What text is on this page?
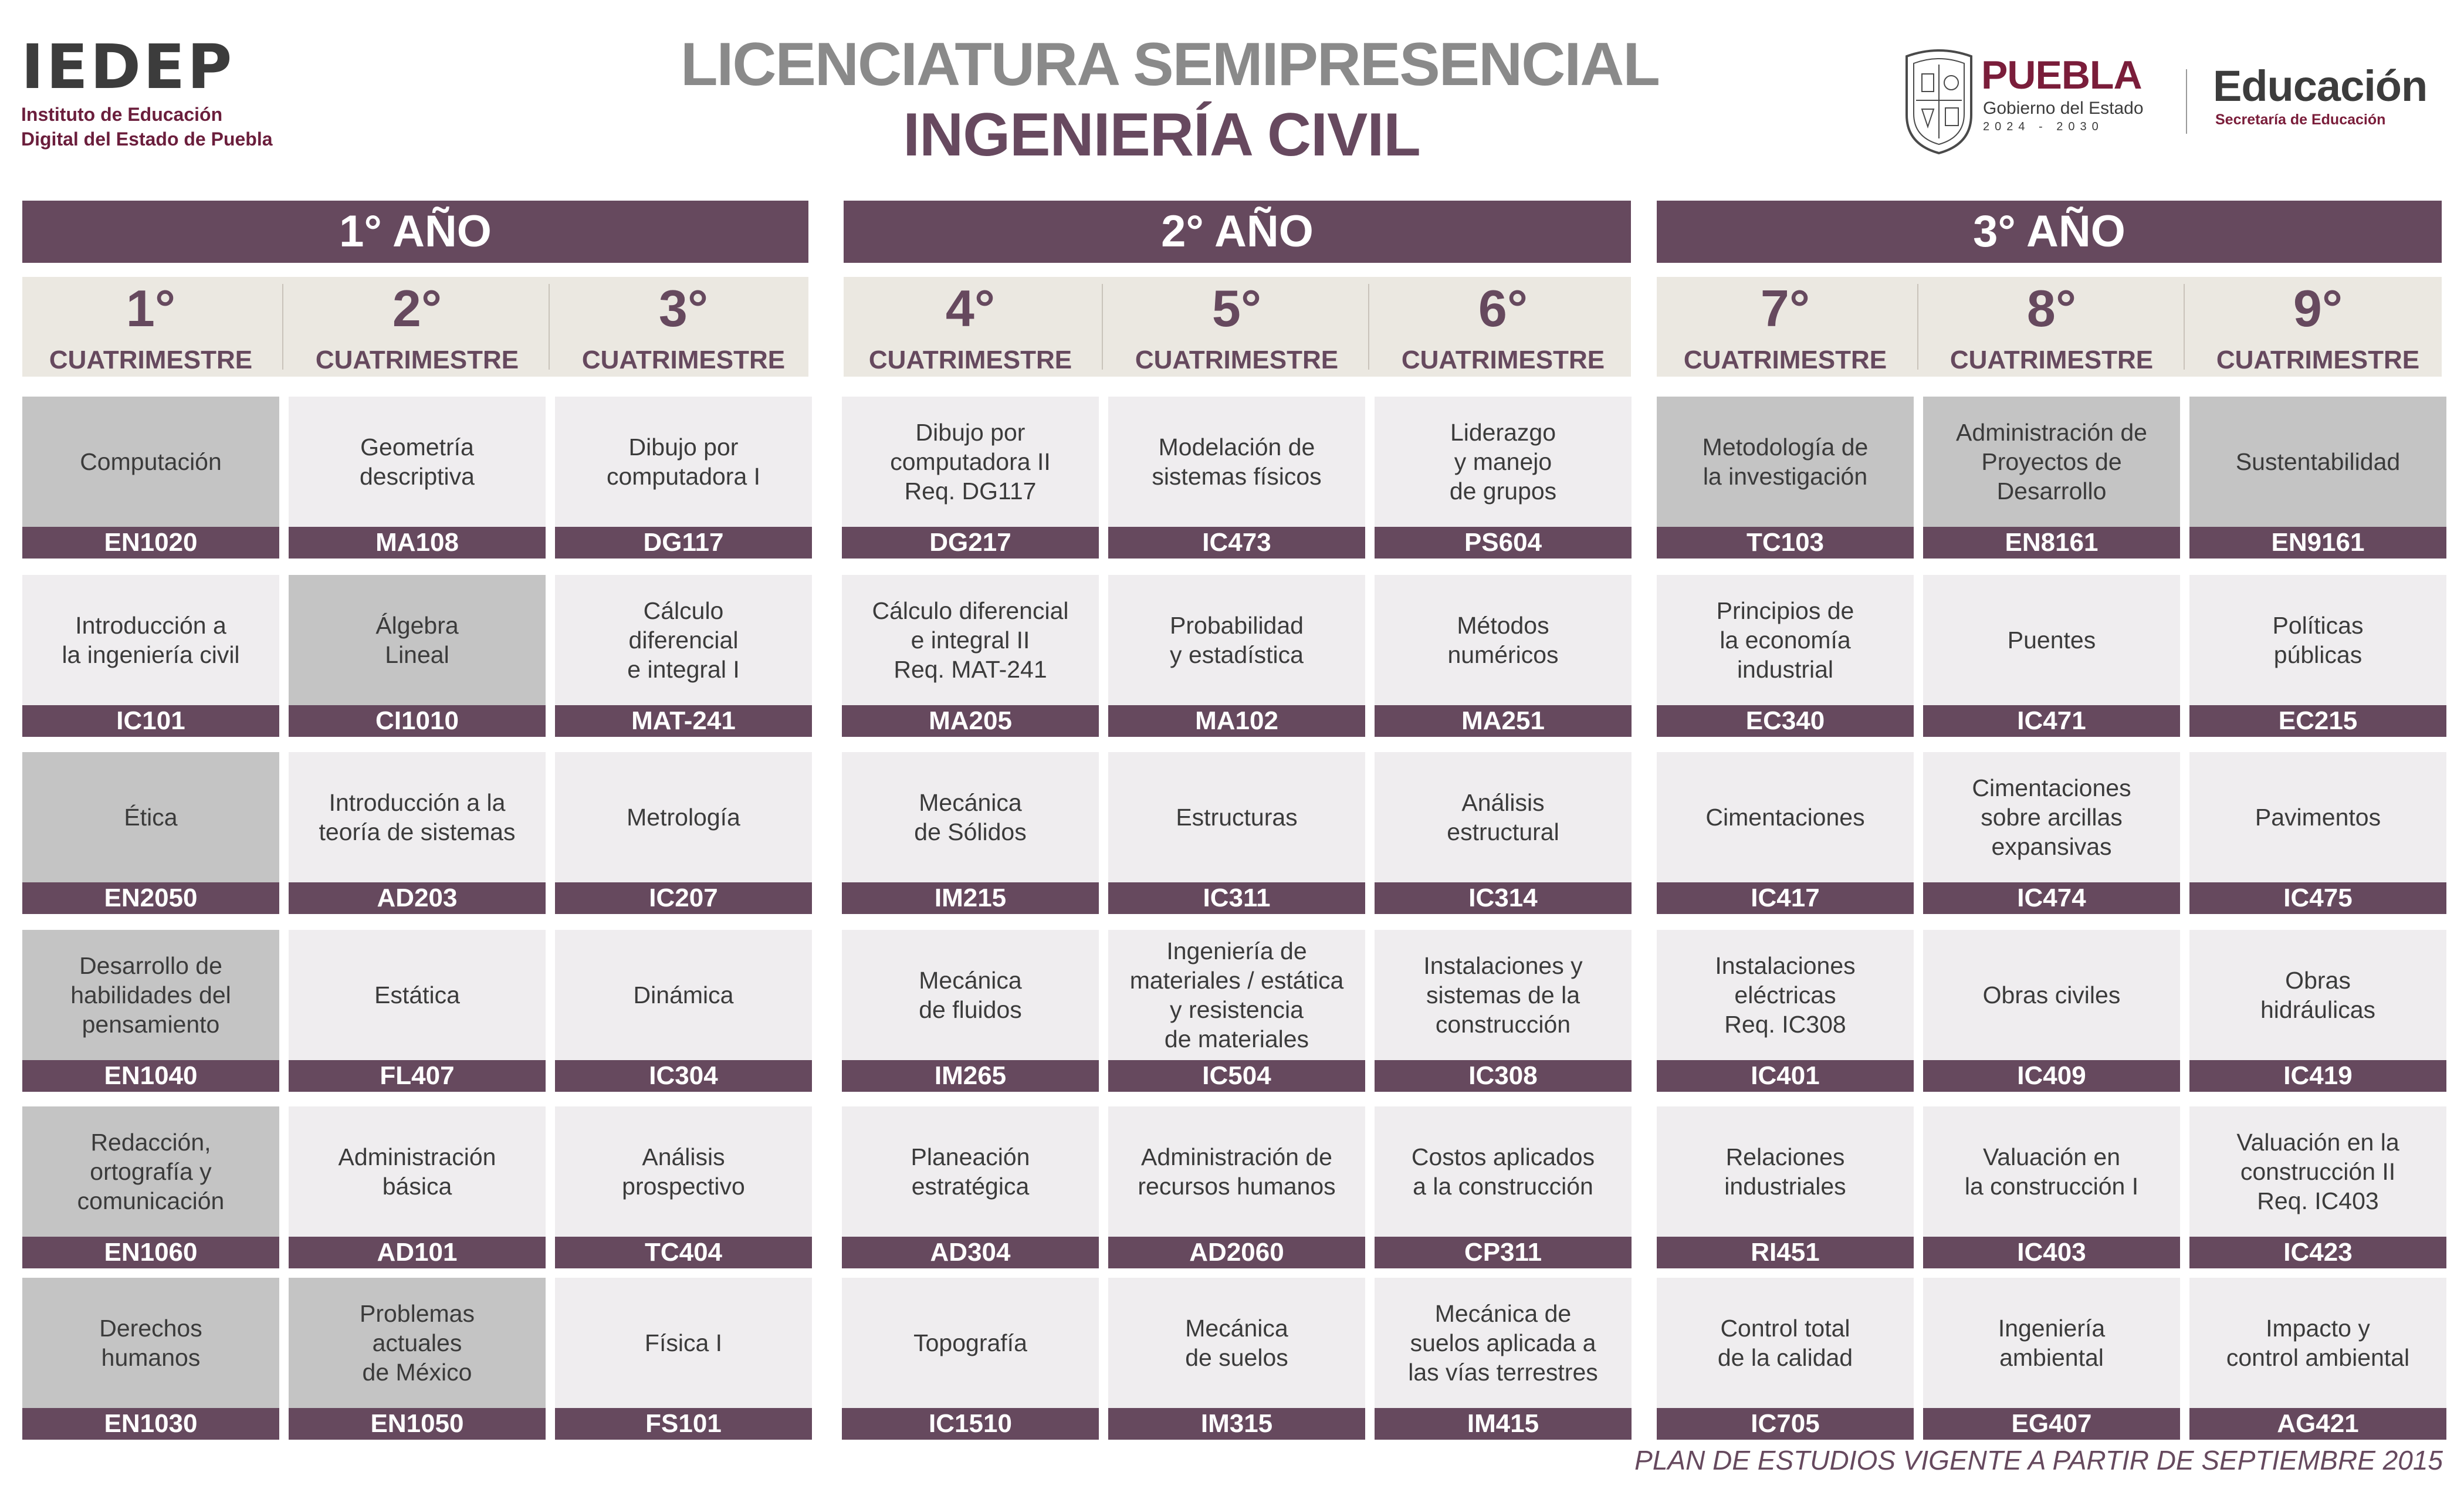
IEDEP
Instituto de Educación
Digital del Estado de Puebla
LICENCIATURA SEMIPRESENCIAL
INGENIERÍA CIVIL
PUEBLA
Gobierno del Estado
2024 - 2030
Educación
Secretaría de Educación
1° AÑO	2° AÑO	3° AÑO
1°
CUATRIMESTRE
2°
CUATRIMESTRE
3°
CUATRIMESTRE
4°
CUATRIMESTRE
5°
CUATRIMESTRE
6°
CUATRIMESTRE
7°
CUATRIMESTRE
8°
CUATRIMESTRE
9°
CUATRIMESTRE
Computación
EN1020
Introducción a
la ingeniería civil
IC101
Ética
EN2050
Desarrollo de
habilidades del
pensamiento
EN1040
Redacción,
ortografía y
comunicación
EN1060
Derechos
humanos
EN1030
Geometría
descriptiva
MA108
Álgebra
Lineal
CI1010
Introducción a la
teoría de sistemas
AD203
Estática
FL407
Administración
básica
AD101
Problemas
actuales
de México
EN1050
Dibujo por
computadora I
DG117
Cálculo
diferencial
e integral I
MAT-241
Metrología
IC207
Dinámica
IC304
Análisis
prospectivo
TC404
Física I
FS101
Dibujo por
computadora II
Req. DG117
DG217
Cálculo diferencial
e integral II
Req. MAT-241
MA205
Mecánica
de Sólidos
IM215
Mecánica
de fluidos
IM265
Planeación
estratégica
AD304
Topografía
IC1510
Modelación de
sistemas físicos
IC473
Probabilidad
y estadística
MA102
Estructuras
IC311
Ingeniería de
materiales / estática
y resistencia
de materiales
IC504
Administración de
recursos humanos
AD2060
Mecánica
de suelos
IM315
Liderazgo
y manejo
de grupos
PS604
Métodos
numéricos
MA251
Análisis
estructural
IC314
Instalaciones y
sistemas de la
construcción
IC308
Costos aplicados
a la construcción
CP311
Mecánica de
suelos aplicada a
las vías terrestres
IM415
Metodología de
la investigación
TC103
Principios de
la economía
industrial
EC340
Cimentaciones
IC417
Instalaciones
eléctricas
Req. IC308
IC401
Relaciones
industriales
RI451
Control total
de la calidad
IC705
Administración de
Proyectos de
Desarrollo
EN8161
Puentes
IC471
Cimentaciones
sobre arcillas
expansivas
IC474
Obras civiles
IC409
Valuación en
la construcción I
IC403
Ingeniería
ambiental
EG407
Sustentabilidad
EN9161
Políticas
públicas
EC215
Pavimentos
IC475
Obras
hidráulicas
IC419
Valuación en la
construcción II
Req. IC403
IC423
Impacto y
control ambiental
AG421
PLAN DE ESTUDIOS VIGENTE A PARTIR DE SEPTIEMBRE 2015
